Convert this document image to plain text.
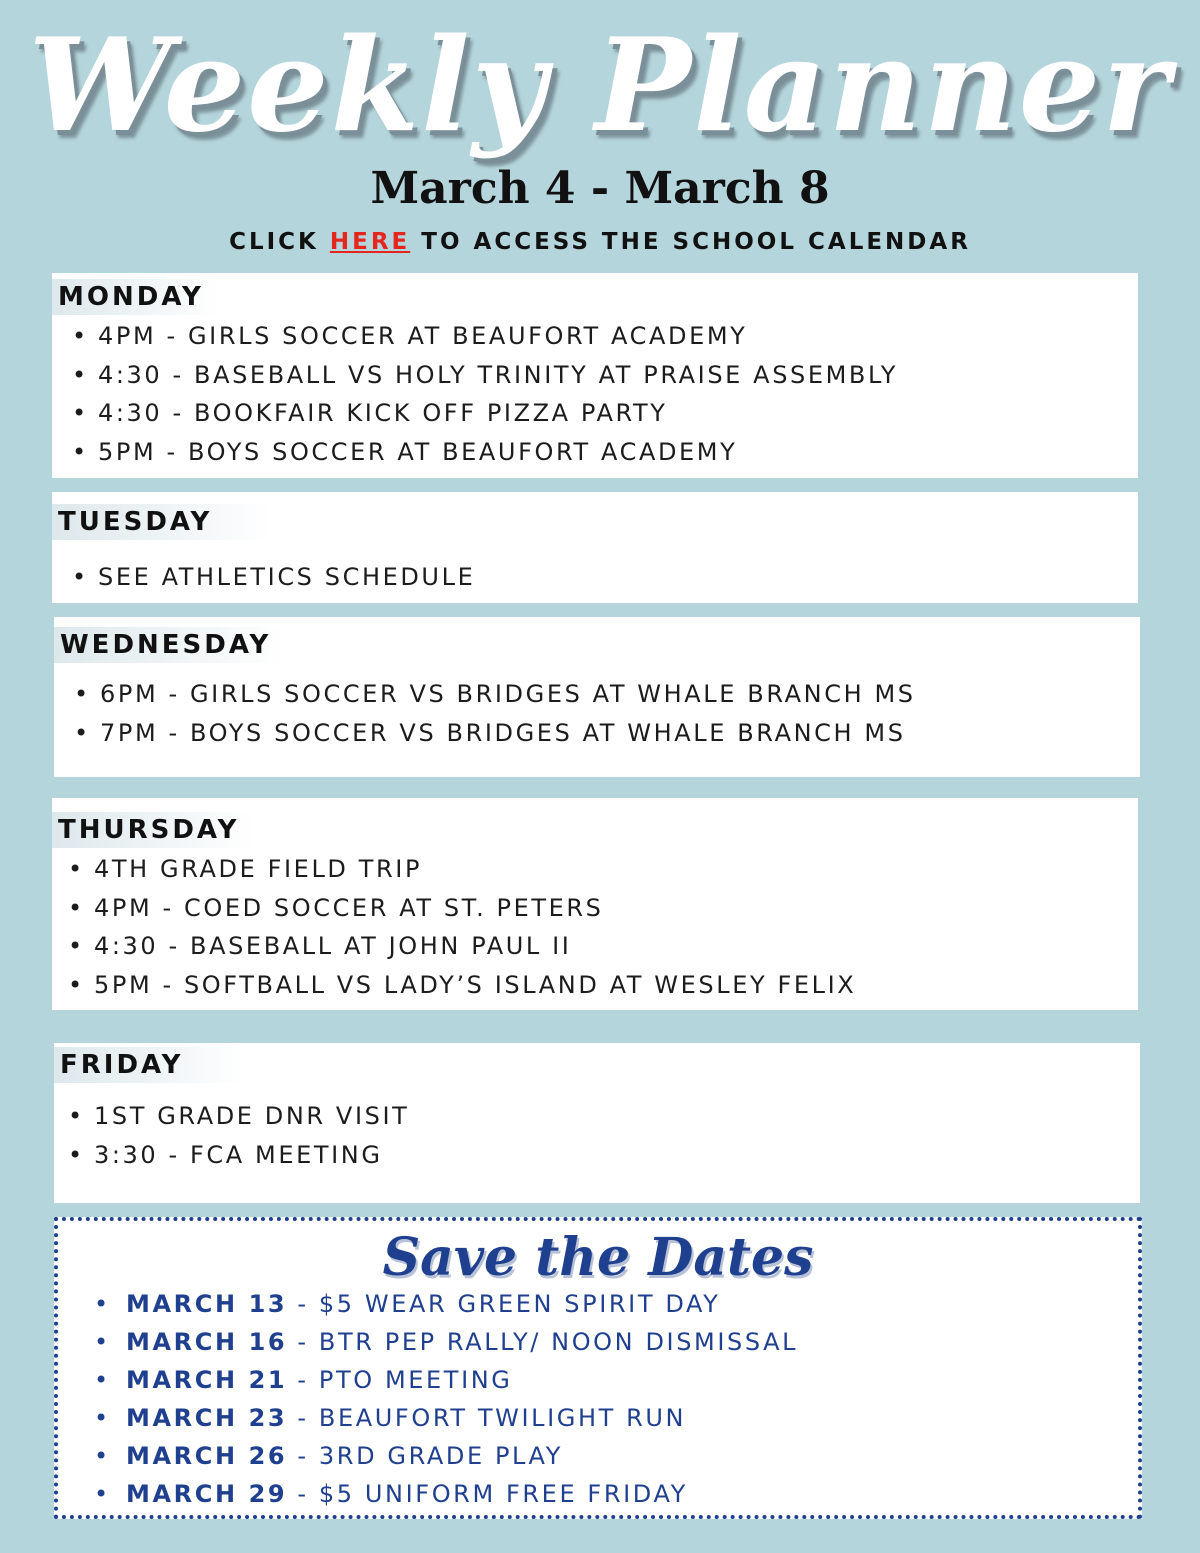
Weekly Planner
March 4 - March 8
CLICK HERE TO ACCESS THE SCHOOL CALENDAR
MONDAY
• 4PM - GIRLS SOCCER AT BEAUFORT ACADEMY
• 4:30 - BASEBALL VS HOLY TRINITY AT PRAISE ASSEMBLY
• 4:30 - BOOKFAIR KICK OFF PIZZA PARTY
• 5PM - BOYS SOCCER AT BEAUFORT ACADEMY
TUESDAY
• SEE ATHLETICS SCHEDULE
WEDNESDAY
• 6PM - GIRLS SOCCER VS BRIDGES AT WHALE BRANCH MS
• 7PM - BOYS SOCCER VS BRIDGES AT WHALE BRANCH MS
THURSDAY
• 4TH GRADE FIELD TRIP
• 4PM - COED SOCCER AT ST. PETERS
• 4:30 - BASEBALL AT JOHN PAUL II
• 5PM - SOFTBALL VS LADY’S ISLAND AT WESLEY FELIX
FRIDAY
• 1ST GRADE DNR VISIT
• 3:30 - FCA MEETING
Save the Dates
• MARCH 13 - $5 WEAR GREEN SPIRIT DAY
• MARCH 16 - BTR PEP RALLY/ NOON DISMISSAL
• MARCH 21 - PTO MEETING
• MARCH 23 - BEAUFORT TWILIGHT RUN
• MARCH 26 - 3RD GRADE PLAY
• MARCH 29 - $5 UNIFORM FREE FRIDAY
